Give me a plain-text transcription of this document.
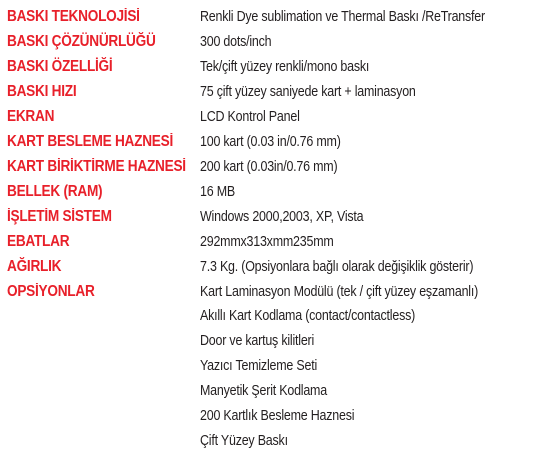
BASKI TEKNOLOJİSİ	Renkli Dye sublimation ve Thermal Baskı /ReTransfer
BASKI ÇÖZÜNÜRLÜĞÜ	300 dots/inch
BASKI ÖZELLİĞİ	Tek/çift yüzey renkli/mono baskı
BASKI HIZI	75 çift yüzey saniyede kart + laminasyon
EKRAN	LCD Kontrol Panel
KART BESLEME HAZNESİ 100 kart (0.03 in/0.76 mm)
KART BİRİKTİRME HAZNESİ 200 kart (0.03in/0.76 mm)
BELLEK (RAM)	16 MB
İŞLETİM SİSTEM	Windows 2000,2003, XP, Vista
EBATLAR	292mmx313xmm235mm
AĞIRLIK	7.3 Kg. (Opsiyonlara bağlı olarak değişiklik gösterir)
OPSİYONLAR	Kart Laminasyon Modülü (tek / çift yüzey eşzamanlı)
Akıllı Kart Kodlama (contact/contactless)
Door ve kartuş kilitleri
Yazıcı Temizleme Seti
Manyetik Şerit Kodlama
200 Kartlık Besleme Haznesi
Çift Yüzey Baskı
